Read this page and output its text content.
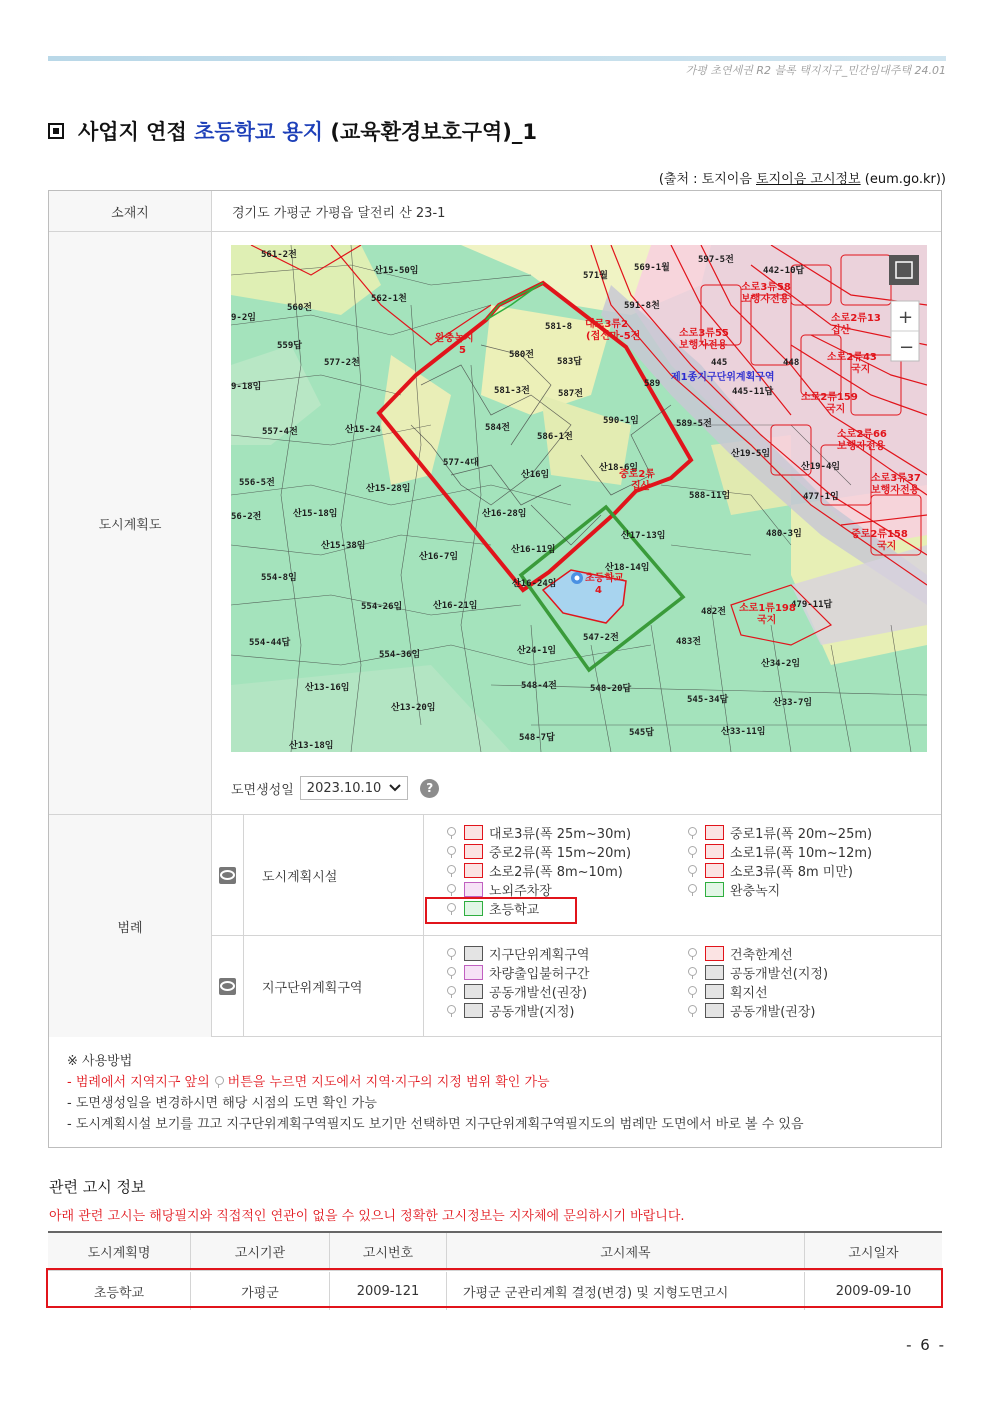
가평 초연세권 R2 블록 택지지구_민간임대주택 24.01
사업지 연접 초등학교 용지 (교육환경보호구역)_1
(출처 : 토지이음 토지이음 고시정보 (eum.go.kr))
소재지	경기도 가평군 가평읍 달전리 산 23-1
도시계획도
561-2전
산15-50임	571월
569-1월
597-5전
442-10답
562-1천
560전
9-2임
591-8천
581-8
559답
577-2천
580전
583답
9-18임	581-3전	587전
589
557-4전	산15-24	584전
586-1전
590-1임	589-5전
577-4대
산19-5임
산19-4임
산16임
산18-6임
556-5전
산15-28임
588-11임	477-1임
56-2전	산15-18임	산16-28임
산17-13임	480-3임
산15-38임
산16-7임
산16-11임
산18-14임
554-8임
산16-24임
산16-21임
482전
479-11답
554-26임
547-2전	483전
554-44답
554-36임	산24-1임
산34-2임
산13-16임	548-4전	548-20답
545-34답	산33-7임
산13-20임
545답	산33-11임
산13-18임
548-7답
445	448
445-11답
대로3류2
(접신마-5전	소로3류55
보행자전용
소로3류58
보행자전용
소로2류13
집산
소로2류43
국지
소로2류159
국지
소로2류66
보행자전용
소로3류37
보행자전용
중로2류
집산
중로2류158
국지
소로1류198
국지
완충녹지
5
초등학교
4
제1종지구단위계획구역
+
−
도면생성일 2023.10.10	?
범례
도시계획시설
대로3류(폭 25m~30m)	중로1류(폭 20m~25m)
중로2류(폭 15m~20m)	소로1류(폭 10m~12m)
소로2류(폭 8m~10m)	소로3류(폭 8m 미만)
노외주차장	완충녹지
초등학교
지구단위계획구역
지구단위계획구역	건축한계선
차량출입불허구간	공동개발선(지정)
공동개발선(권장)	획지선
공동개발(지정)	공동개발(권장)
※ 사용방법
- 범례에서 지역지구 앞의 버튼을 누르면 지도에서 지역·지구의 지정 범위 확인 가능
- 도면생성일을 변경하시면 해당 시점의 도면 확인 가능
- 도시계획시설 보기를 끄고 지구단위계획구역필지도 보기만 선택하면 지구단위계획구역필지도의 범례만 도면에서 바로 볼 수 있음
관련 고시 정보
아래 관련 고시는 해당필지와 직접적인 연관이 없을 수 있으니 정확한 고시정보는 지자체에 문의하시기 바랍니다.
도시계획명	고시기관	고시번호	고시제목	고시일자
초등학교	가평군	2009-121	가평군 군관리계획 결정(변경) 및 지형도면고시	2009-09-10
- 6 -
